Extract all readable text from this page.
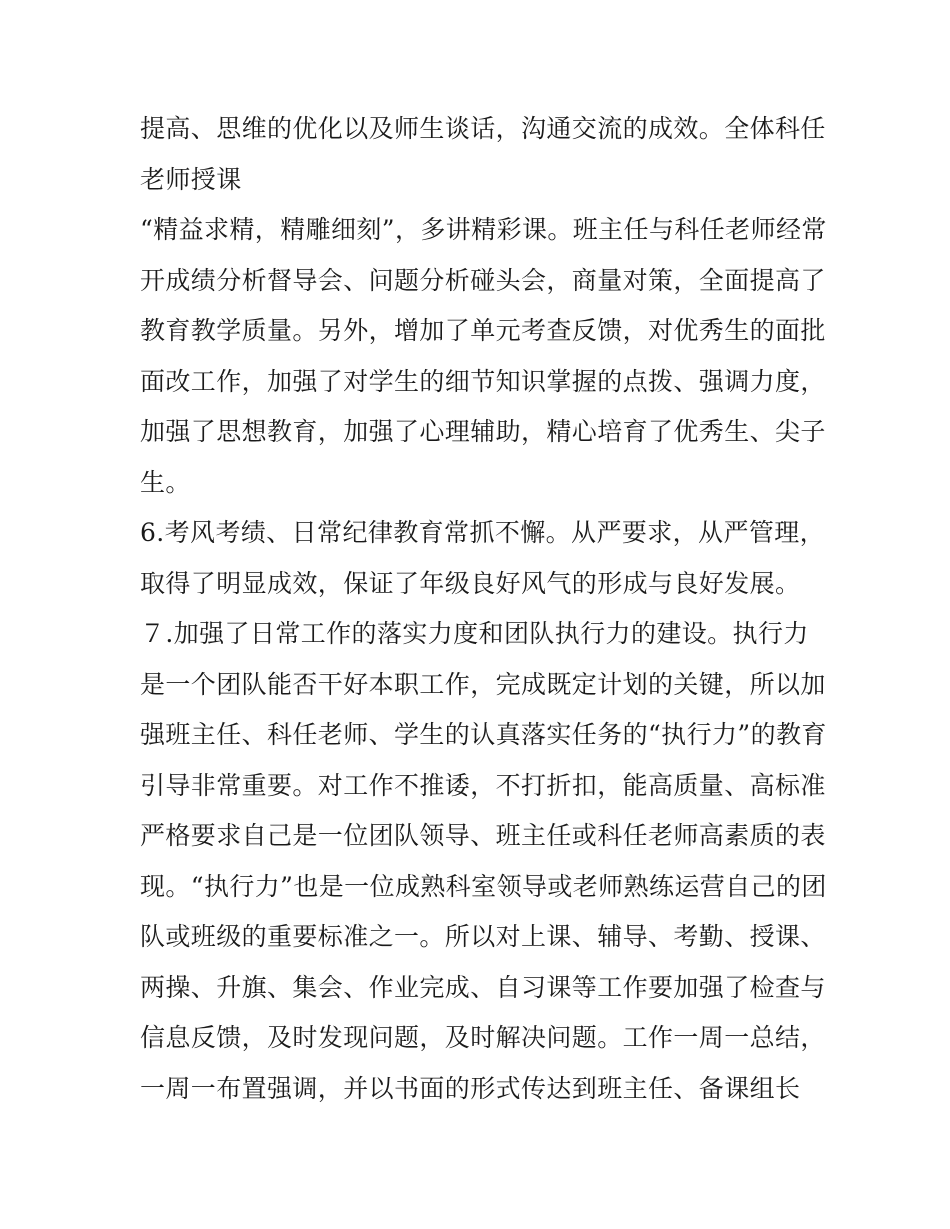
提高、思维的优化以及师生谈话，沟通交流的成效。全体科任
老师授课
“精益求精，精雕细刻”，多讲精彩课。班主任与科任老师经常
开成绩分析督导会、问题分析碰头会，商量对策，全面提高了
教育教学质量。另外，增加了单元考查反馈，对优秀生的面批
面改工作，加强了对学生的细节知识掌握的点拨、强调力度，
加强了思想教育，加强了心理辅助，精心培育了优秀生、尖子
生。
6.考风考绩、日常纪律教育常抓不懈。从严要求，从严管理，
取得了明显成效，保证了年级良好风气的形成与良好发展。
７.加强了日常工作的落实力度和团队执行力的建设。执行力
是一个团队能否干好本职工作，完成既定计划的关键，所以加
强班主任、科任老师、学生的认真落实任务的“执行力”的教育
引导非常重要。对工作不推诿，不打折扣，能高质量、高标准
严格要求自己是一位团队领导、班主任或科任老师高素质的表
现。“执行力”也是一位成熟科室领导或老师熟练运营自己的团
队或班级的重要标准之一。所以对上课、辅导、考勤、授课、
两操、升旗、集会、作业完成、自习课等工作要加强了检查与
信息反馈，及时发现问题，及时解决问题。工作一周一总结，
一周一布置强调，并以书面的形式传达到班主任、备课组长
